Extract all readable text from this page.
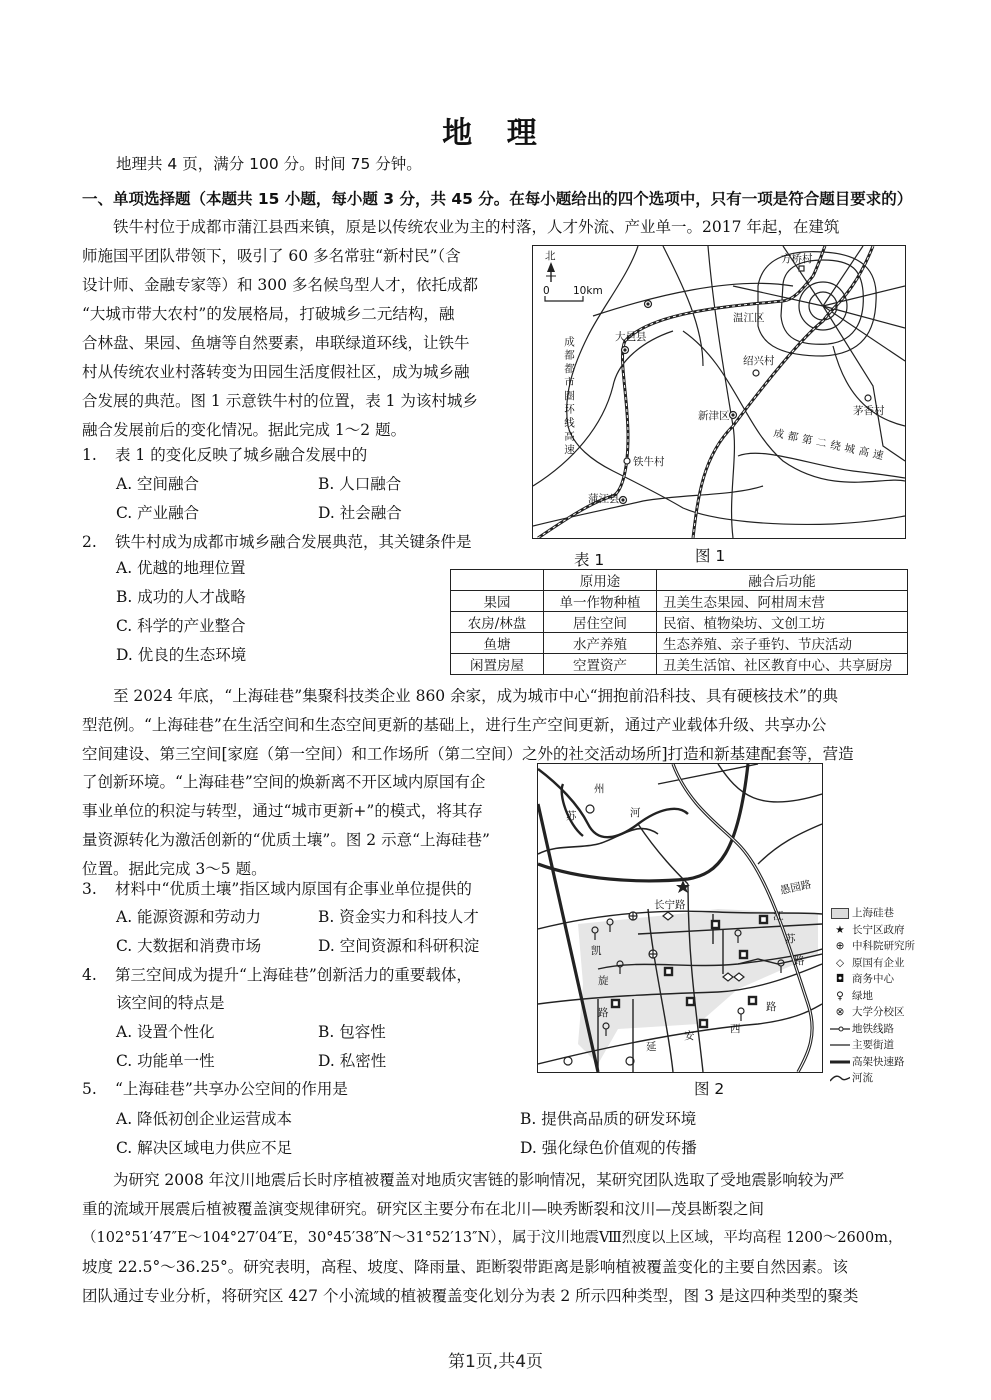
地 理
地理共 4 页，满分 100 分。时间 75 分钟。
一、单项选择题（本题共 15 小题，每小题 3 分，共 45 分。在每小题给出的四个选项中，只有一项是符合题目要求的）

铁牛村位于成都市蒲江县西来镇，原是以传统农业为主的村落，人才外流、产业单一。2017 年起，在建筑

师施国平团队带领下，吸引了 60 多名常驻“新村民”（含

设计师、金融专家等）和 300 多名候鸟型人才，依托成都

“大城市带大农村”的发展格局，打破城乡二元结构，融

合林盘、果园、鱼塘等自然要素，串联绿道环线，让铁牛

村从传统农业村落转变为田园生活度假社区，成为城乡融

合发展的典范。图 1 示意铁牛村的位置，表 1 为该村城乡

融合发展前后的变化情况。据此完成 1～2 题。

1. 表 1 的变化反映了城乡融合发展中的
A. 空间融合	B. 人口融合
C. 产业融合	D. 社会融合
2. 铁牛村成为成都市城乡融合发展典范，其关键条件是
A. 优越的地理位置
B. 成功的人才战略
C. 科学的产业整合
D. 优良的生态环境
北
0 10km
方桥村
温江区
大邑县
绍兴村
茅香村
新津区
铁牛村
蒲江县
成都都市圈环线高速	成都第二绕城高速
图 1
表 1
	原用途	融合后功能
果园	单一作物种植	丑美生态果园、阿柑周末营
农房/林盘	居住空间	民宿、植物染坊、文创工坊
鱼塘	水产养殖	生态养殖、亲子垂钓、节庆活动
闲置房屋	空置资产	丑美生活馆、社区教育中心、共享厨房

至 2024 年底，“上海硅巷”集聚科技类企业 860 余家，成为城市中心“拥抱前沿科技、具有硬核技术”的典

型范例。“上海硅巷”在生活空间和生态空间更新的基础上，进行生产空间更新，通过产业载体升级、共享办公

空间建设、第三空间[家庭（第一空间）和工作场所（第二空间）之外的社交活动场所]打造和新基建配套等，营造

了创新环境。“上海硅巷”空间的焕新离不开区域内原国有企

事业单位的积淀与转型，通过“城市更新+”的模式，将其存

量资源转化为激活创新的“优质土壤”。图 2 示意“上海硅巷”

位置。据此完成 3～5 题。

3. 材料中“优质土壤”指区域内原国有企事业单位提供的
A. 能源资源和劳动力	B. 资金实力和科技人才
C. 大数据和消费市场	D. 空间资源和科研积淀
4. 第三空间成为提升“上海硅巷”创新活力的重要载体，
该空间的特点是
A. 设置个性化	B. 包容性
C. 功能单一性	D. 私密性
5. “上海硅巷”共享办公空间的作用是
A. 降低初创企业运营成本	B. 提供高品质的研发环境
C. 解决区域电力供应不足	D. 强化绿色价值观的传播
苏
州
河
长宁路
愚园路
江
苏
路
凯
旋
路
延
安
西
路
图 2
上海硅巷
★ 长宁区政府
⊕ 中科院研究所
◇ 原国有企业
◘ 商务中心
♀ 绿地
⊗ 大学分校区
地铁线路
主要街道
高架快速路
河流

为研究 2008 年汶川地震后长时序植被覆盖对地质灾害链的影响情况，某研究团队选取了受地震影响较为严

重的流域开展震后植被覆盖演变规律研究。研究区主要分布在北川—映秀断裂和汶川—茂县断裂之间

（102°51′47″E～104°27′04″E，30°45′38″N～31°52′13″N），属于汶川地震Ⅷ烈度以上区域，平均高程 1200～2600m，

坡度 22.5°～36.25°。研究表明，高程、坡度、降雨量、距断裂带距离是影响植被覆盖变化的主要自然因素。该

团队通过专业分析，将研究区 427 个小流域的植被覆盖变化划分为表 2 所示四种类型，图 3 是这四种类型的聚类

第1页,共4页
